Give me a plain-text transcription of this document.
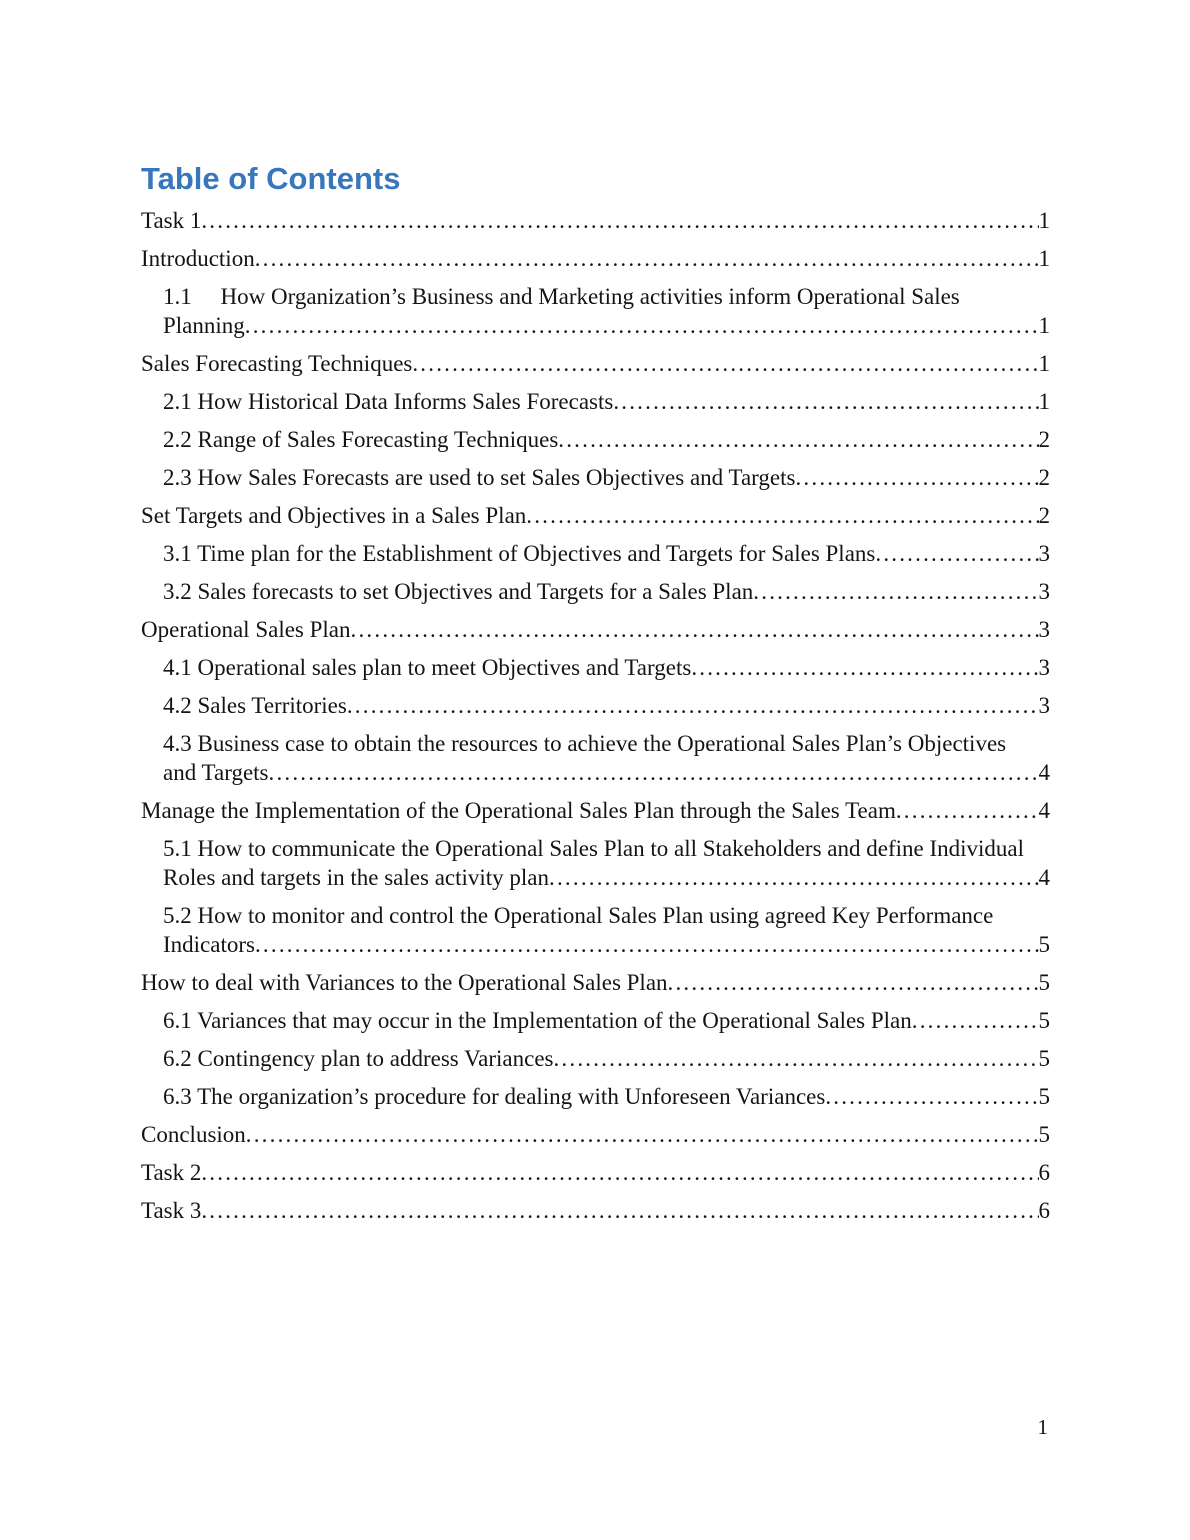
Table of Contents
Task 1 .....	1
Introduction .....	1
1.1     How Organization’s Business and Marketing activities inform Operational Sales
Planning .....	1
Sales Forecasting Techniques .....	1
2.1 How Historical Data Informs Sales Forecasts .....	1
2.2 Range of Sales Forecasting Techniques .....	2
2.3 How Sales Forecasts are used to set Sales Objectives and Targets .....	2
Set Targets and Objectives in a Sales Plan .....	2
3.1 Time plan for the Establishment of Objectives and Targets for Sales Plans .....	3
3.2 Sales forecasts to set Objectives and Targets for a Sales Plan .....	3
Operational Sales Plan .....	3
4.1 Operational sales plan to meet Objectives and Targets .....	3
4.2 Sales Territories .....	3
4.3 Business case to obtain the resources to achieve the Operational Sales Plan’s Objectives
and Targets .....	4
Manage the Implementation of the Operational Sales Plan through the Sales Team .....	4
5.1 How to communicate the Operational Sales Plan to all Stakeholders and define Individual
Roles and targets in the sales activity plan .....	4
5.2 How to monitor and control the Operational Sales Plan using agreed Key Performance
Indicators .....	5
How to deal with Variances to the Operational Sales Plan .....	5
6.1 Variances that may occur in the Implementation of the Operational Sales Plan .....	5
6.2 Contingency plan to address Variances .....	5
6.3 The organization’s procedure for dealing with Unforeseen Variances .....	5
Conclusion .....	5
Task 2 .....	6
Task 3 .....	6
1
